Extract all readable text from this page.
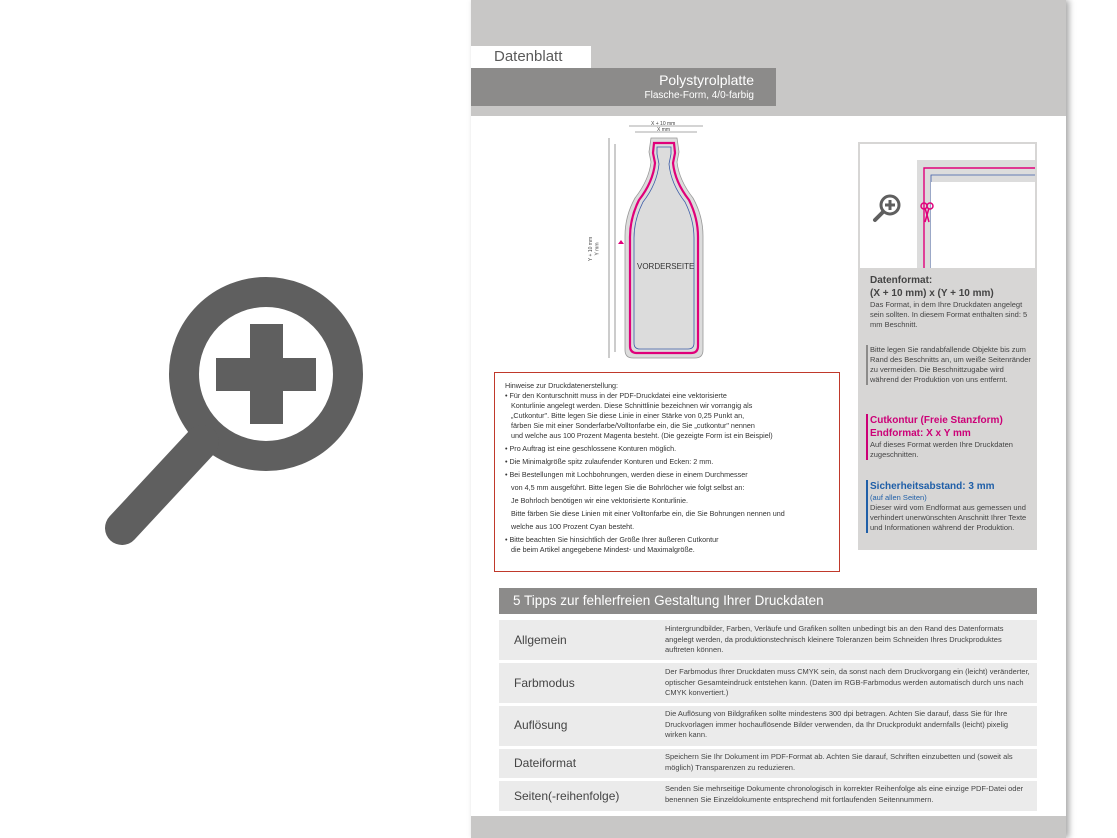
Datenblatt
Polystyrolplatte
Flasche-Form, 4/0-farbig
X + 10 mm
X mm
Y + 10 mm Y mm
VORDERSEITE
Hinweise zur Druckdatenerstellung:
• Für den Konturschnitt muss in der PDF-Druckdatei eine vektorisierte
Konturlinie angelegt werden. Diese Schnittlinie bezeichnen wir vorrangig als
„Cutkontur". Bitte legen Sie diese Linie in einer Stärke von 0,25 Punkt an,
färben Sie mit einer Sonderfarbe/Volltonfarbe ein, die Sie „cutkontur" nennen
und welche aus 100 Prozent Magenta besteht. (Die gezeigte Form ist ein Beispiel)
• Pro Auftrag ist eine geschlossene Konturen möglich.
• Die Minimalgröße spitz zulaufender Konturen und Ecken: 2 mm.
• Bei Bestellungen mit Lochbohrungen, werden diese in einem Durchmesser
von 4,5 mm ausgeführt. Bitte legen Sie die Bohrlöcher wie folgt selbst an:
Je Bohrloch benötigen wir eine vektorisierte Konturlinie.
Bitte färben Sie diese Linien mit einer Volltonfarbe ein, die Sie Bohrungen nennen und
welche aus 100 Prozent Cyan besteht.
• Bitte beachten Sie hinsichtlich der Größe Ihrer äußeren Cutkontur
die beim Artikel angegebene Mindest- und Maximalgröße.
Datenformat:
(X + 10 mm) x (Y + 10 mm)
Das Format, in dem Ihre Druckdaten angelegt sein sollten. In diesem Format enthalten sind: 5 mm Beschnitt.
Bitte legen Sie randabfallende Objekte bis zum Rand des Beschnitts an, um weiße Seitenränder zu vermeiden. Die Beschnittzugabe wird während der Produktion von uns entfernt.
Cutkontur (Freie Stanzform)
Endformat: X x Y mm
Auf dieses Format werden Ihre Druckdaten zugeschnitten.
Sicherheitsabstand: 3 mm
(auf allen Seiten)
Dieser wird vom Endformat aus gemessen und verhindert unerwünschten Anschnitt Ihrer Texte und Informationen während der Produktion.
5 Tipps zur fehlerfreien Gestaltung Ihrer Druckdaten
Allgemein
Hintergrundbilder, Farben, Verläufe und Grafiken sollten unbedingt bis an den Rand des Datenformats angelegt werden, da produktionstechnisch kleinere Toleranzen beim Schneiden Ihres Druckproduktes auftreten können.
Farbmodus
Der Farbmodus Ihrer Druckdaten muss CMYK sein, da sonst nach dem Druckvorgang ein (leicht) veränderter, optischer Gesamteindruck entstehen kann. (Daten im RGB-Farbmodus werden automatisch durch uns nach CMYK konvertiert.)
Auflösung
Die Auflösung von Bildgrafiken sollte mindestens 300 dpi betragen. Achten Sie darauf, dass Sie für Ihre Druckvorlagen immer hochauflösende Bilder verwenden, da Ihr Druckprodukt andernfalls (leicht) pixelig wirken kann.
Dateiformat	Speichern Sie Ihr Dokument im PDF-Format ab. Achten Sie darauf, Schriften einzubetten und (soweit als möglich) Transparenzen zu reduzieren.
Seiten(-reihenfolge)
Senden Sie mehrseitige Dokumente chronologisch in korrekter Reihenfolge als eine einzige PDF-Datei oder benennen Sie Einzeldokumente entsprechend mit fortlaufenden Seitennummern.
